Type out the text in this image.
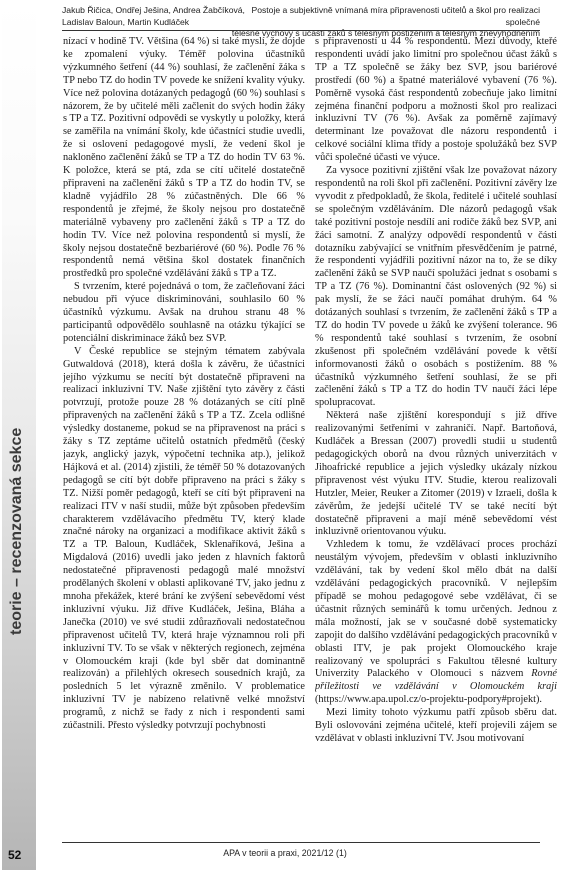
Jakub Řičica, Ondřej Ješina, Andrea Žabčíková,
Ladislav Baloun, Martin Kudláček
Postoje a subjektivně vnímaná míra připravenosti učitelů a škol pro realizaci společné
tělesné výchovy s účastí žáků s tělesným postižením a tělesným znevýhodněním
teorie – recenzovaná sekce

nízací v hodině TV. Většina (64 %) si také myslí, že dojde ke zpomalení výuky. Téměř polovina účastníků výzkumného šetření (44 %) souhlasí, že začlenění žáka s TP nebo TZ do hodin TV povede ke snížení kvality výuky. Více než polovina dotázaných pedagogů (60 %) souhlasí s názorem, že by učitelé měli začlenit do svých hodin žáky s TP a TZ. Pozitivní odpovědi se vyskytly u položky, která se zaměřila na vnímání školy, kde účastníci studie uvedli, že si oslovení pedagogové myslí, že vedení škol je nakloněno začlenění žáků se TP a TZ do hodin TV 63 %. K položce, která se ptá, zda se cítí učitelé dostatečně připraveni na začlenění žáků s TP a TZ do hodin TV, se kladně vyjádřilo 28 % zúčastněných. Dle 66 % respondentů je zřejmé, že školy nejsou pro dostatečně materiálně vybaveny pro začlenění žáků s TP a TZ do hodin TV. Více než polovina respondentů si myslí, že školy nejsou dostatečně bezbariérové (60 %). Podle 76 % respondentů nemá většina škol dostatek finančních prostředků pro společné vzdělávání žáků s TP a TZ.

S tvrzením, které pojednává o tom, že začleňovaní žáci nebudou při výuce diskriminováni, souhlasilo 60 % účastníků výzkumu. Avšak na druhou stranu 48 % participantů odpovědělo souhlasně na otázku týkající se potenciální diskriminace žáků bez SVP.

V České republice se stejným tématem zabývala Gutwaldová (2018), která došla k závěru, že účastníci jejího výzkumu se necítí být dostatečně připraveni na realizaci inkluzivní TV. Naše zjištění tyto závěry z části potvrzují, protože pouze 28 % dotázaných se cítí plně připravených na začlenění žáků s TP a TZ. Zcela odlišné výsledky dostaneme, pokud se na připravenost na práci s žáky s TZ zeptáme učitelů ostatních předmětů (český jazyk, anglický jazyk, výpočetní technika atp.), jelikož Hájková et al. (2014) zjistili, že téměř 50 % dotazovaných pedagogů se cítí být dobře připraveno na práci s žáky s TZ. Nižší poměr pedagogů, kteří se cítí být připraveni na realizaci ITV v naší studii, může být způsoben především charakterem vzdělávacího předmětu TV, který klade značné nároky na organizaci a modifikace aktivit žáků s TZ a TP. Baloun, Kudláček, Sklenaříková, Ješina a Migdalová (2016) uvedli jako jeden z hlavních faktorů nedostatečné připravenosti pedagogů malé množství prodělaných školení v oblasti aplikované TV, jako jednu z mnoha překážek, které brání ke zvýšení sebevědomí vést inkluzivní výuku. Již dříve Kudláček, Ješina, Bláha a Janečka (2010) ve své studii zdůrazňovali nedostatečnou připravenost učitelů TV, která hraje významnou roli při inkluzivní TV. To se však v některých regionech, zejména v Olomouckém kraji (kde byl sběr dat dominantně realizován) a přilehlých okresech sousedních krajů, za posledních 5 let výrazně změnilo. V problematice inkluzivní TV je nabízeno relativně velké množství programů, z nichž se řady z nich i respondenti sami zúčastnili. Přesto výsledky potvrzují pochybnosti

s připraveností u 44 % respondentů. Mezi důvody, kteřé respondenti uvádí jako limitní pro společnou účast žáků s TP a TZ společně se žáky bez SVP, jsou bariérové prostředí (60 %) a špatné materiálové vybavení (76 %). Poměrně vysoká část respondentů zobecňuje jako limitní zejména finanční podporu a možnosti škol pro realizaci inkluzivní TV (76 %). Avšak za poměrně zajímavý determinant lze považovat dle názoru respondentů i celkové sociální klima třídy a postoje spolužáků bez SVP vůči společné účasti ve výuce.

Za vysoce pozitivní zjištění však lze považovat názory respondentů na roli škol při začlenění. Pozitivní závěry lze vyvodit z předpokladů, že škola, ředitelé i učitelé souhlasí se společným vzděláváním. Dle názorů pedagogů však také pozitivní postoje nesdílí ani rodiče žáků bez SVP, ani žáci samotní. Z analýzy odpovědí respondentů v části dotazníku zabývající se vnitřním přesvědčením je patrné, že respondenti vyjádřili pozitivní názor na to, že se díky začlenění žáků se SVP naučí spolužáci jednat s osobami s TP a TZ (76 %). Dominantní část oslovených (92 %) si pak myslí, že se žáci naučí pomáhat druhým. 64 % dotázaných souhlasí s tvrzením, že začlenění žáků s TP a TZ do hodin TV povede u žáků ke zvýšení tolerance. 96 % respondentů také souhlasí s tvrzením, že osobní zkušenost při společném vzdělávání povede k větší informovanosti žáků o osobách s postižením. 88 % účastníků výzkumného šetření souhlasí, že se při začlenění žáků s TP a TZ do hodin TV naučí žáci lépe spolupracovat.

Některá naše zjištění korespondují s již dříve realizovanými šetřeními v zahraničí. Např. Bartoňová, Kudláček a Bressan (2007) provedli studii u studentů pedagogických oborů na dvou různých univerzitách v Jihoafrické republice a jejich výsledky ukázaly nízkou připravenost vést výuku ITV. Studie, kterou realizovali Hutzler, Meier, Reuker a Zitomer (2019) v Izraeli, došla k závěrům, že jedejší učitelé TV se také necítí být dostatečně připraveni a mají méně sebevědomí vést inkluzivně orientovanou výuku.

Vzhledem k tomu, že vzdělávací proces prochází neustálým vývojem, především v oblasti inkluzivního vzdělávání, tak by vedení škol mělo dbát na další vzdělávání pedagogických pracovníků. V nejlepším případě se mohou pedagogové sebe vzdělávat, či se účastnit různých seminářů k tomu určených. Jednou z mála možností, jak se v současné době systematicky zapojit do dalšího vzdělávání pedagogických pracovníků v oblasti ITV, je pak projekt Olomouckého kraje realizovaný ve spolupráci s Fakultou tělesné kultury Univerzity Palackého v Olomouci s názvem Rovné příležitosti ve vzdělávání v Olomouckém kraji (https://www.apa.upol.cz/o-projektu-podpory#projekt).

Mezi limity tohoto výzkumu patří způsob sběru dat. Byli oslovováni zejména učitelé, kteří projevili zájem se vzdělávat v oblasti inkluzivní TV. Jsou motivovaní

52	APA v teorii a praxi, 2021/12 (1)
